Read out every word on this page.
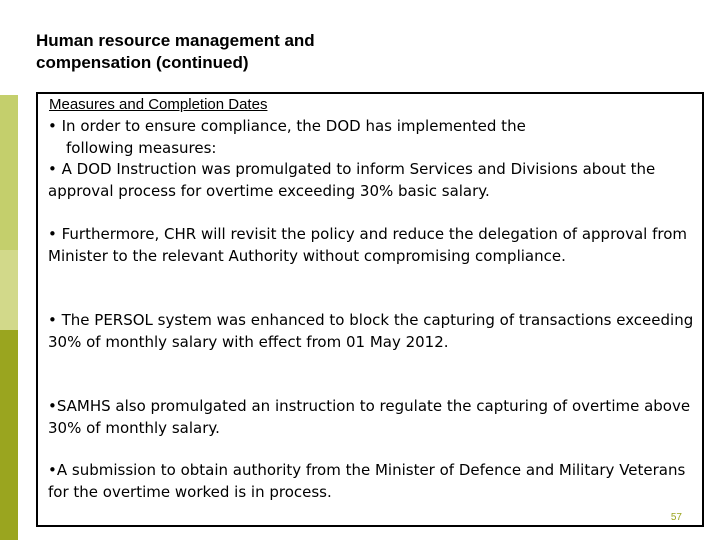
Human resource management and
compensation (continued)

Measures and Completion Dates

• In order to ensure compliance, the DOD has implemented the
following measures:
• A DOD Instruction was promulgated to inform Services and Divisions about the approval process for overtime exceeding 30% basic salary.

• Furthermore, CHR will revisit the policy and reduce the delegation of approval from Minister to the relevant Authority without compromising compliance.

• The PERSOL system was enhanced to block the capturing of transactions exceeding 30% of monthly salary with effect from 01 May 2012.

•SAMHS also promulgated an instruction to regulate the capturing of overtime above 30% of monthly salary.

•A submission to obtain authority from the Minister of Defence and Military Veterans for the overtime worked is in process.

57
